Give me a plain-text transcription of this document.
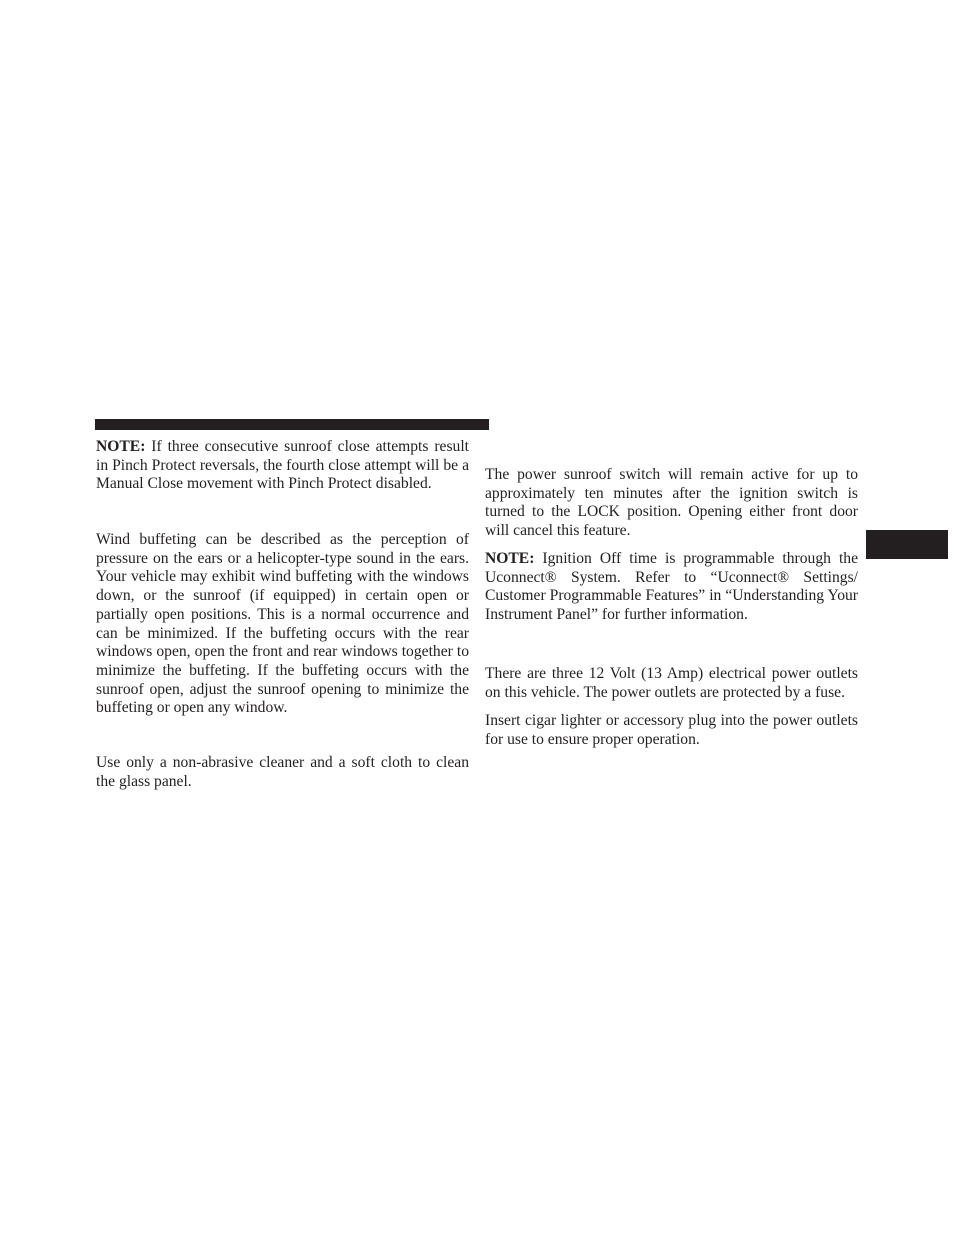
NOTE: If three consecutive sunroof close attempts result in Pinch Protect reversals, the fourth close attempt will be a Manual Close movement with Pinch Protect disabled.

Wind buffeting can be described as the perception of pressure on the ears or a helicopter-type sound in the ears. Your vehicle may exhibit wind buffeting with the windows down, or the sunroof (if equipped) in certain open or partially open positions. This is a normal occurrence and can be minimized. If the buffeting occurs with the rear windows open, open the front and rear windows together to minimize the buffeting. If the buffeting occurs with the sunroof open, adjust the sunroof opening to minimize the buffeting or open any window.

Use only a non-abrasive cleaner and a soft cloth to clean the glass panel.

The power sunroof switch will remain active for up to approximately ten minutes after the ignition switch is turned to the LOCK position. Opening either front door will cancel this feature.

NOTE: Ignition Off time is programmable through the Uconnect® System. Refer to “Uconnect® Settings/ Customer Programmable Features” in “Understanding Your Instrument Panel” for further information.

There are three 12 Volt (13 Amp) electrical power outlets on this vehicle. The power outlets are protected by a fuse.

Insert cigar lighter or accessory plug into the power outlets for use to ensure proper operation.
